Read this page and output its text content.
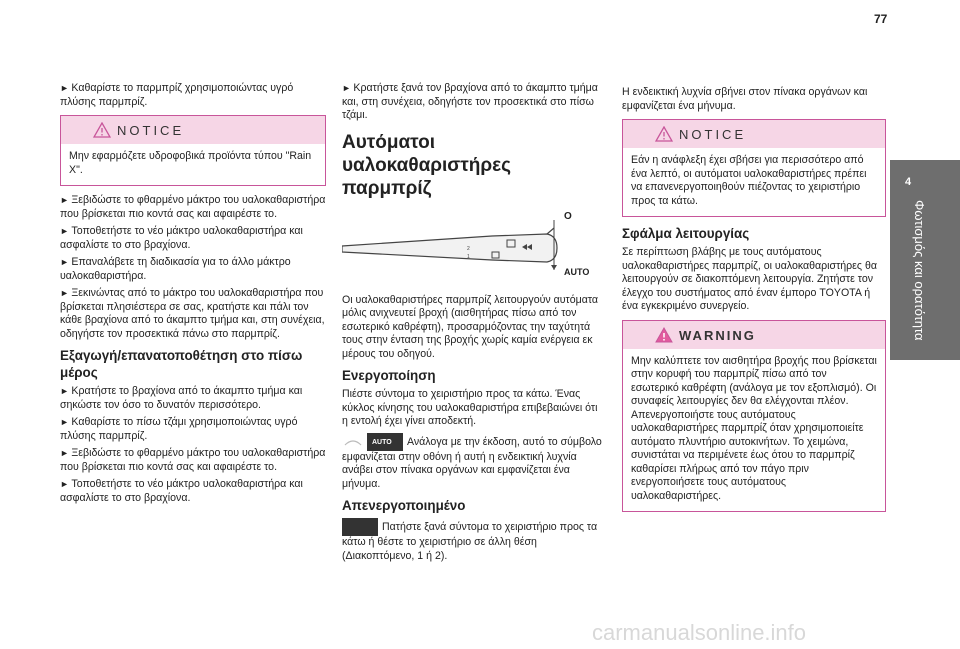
77
4
Φωτισμός και ορατότητα

► Καθαρίστε το παρμπρίζ χρησιμοποιώντας υγρό πλύσης παρμπρίζ.

NOTICE
Μην εφαρμόζετε υδροφοβικά προϊόντα τύπου "Rain X".

► Ξεβιδώστε το φθαρμένο μάκτρο του υαλοκαθαριστήρα που βρίσκεται πιο κοντά σας και αφαιρέστε το.

► Τοποθετήστε το νέο μάκτρο υαλοκαθαριστήρα και ασφαλίστε το στο βραχίονα.

► Επαναλάβετε τη διαδικασία για το άλλο μάκτρο υαλοκαθαριστήρα.

► Ξεκινώντας από το μάκτρο του υαλοκαθαριστήρα που βρίσκεται πλησιέστερα σε σας, κρατήστε και πάλι τον κάθε βραχίονα από το άκαμπτο τμήμα και, στη συνέχεια, οδηγήστε τον προσεκτικά πάνω στο παρμπρίζ.

Εξαγωγή/επανατοποθέτηση στο πίσω μέρος

► Κρατήστε το βραχίονα από το άκαμπτο τμήμα και σηκώστε τον όσο το δυνατόν περισσότερο.

► Καθαρίστε το πίσω τζάμι χρησιμοποιώντας υγρό πλύσης παρμπρίζ.

► Ξεβιδώστε το φθαρμένο μάκτρο του υαλοκαθαριστήρα που βρίσκεται πιο κοντά σας και αφαιρέστε το.

► Τοποθετήστε το νέο μάκτρο υαλοκαθαριστήρα και ασφαλίστε το στο βραχίονα.

► Κρατήστε ξανά τον βραχίονα από το άκαμπτο τμήμα και, στη συνέχεια, οδηγήστε τον προσεκτικά στο πίσω τζάμι.

Αυτόματοι υαλοκαθαριστήρες παρμπρίζ
2
1
O
AUTO

Οι υαλοκαθαριστήρες παρμπρίζ λειτουργούν αυτόματα μόλις ανιχνευτεί βροχή (αισθητήρας πίσω από τον εσωτερικό καθρέφτη), προσαρμόζοντας την ταχύτητά τους στην ένταση της βροχής χωρίς καμία ενέργεια εκ μέρους του οδηγού.

Ενεργοποίηση

Πιέστε σύντομα το χειριστήριο προς τα κάτω. Ένας κύκλος κίνησης του υαλοκαθαριστήρα επιβεβαιώνει ότι η εντολή έχει γίνει αποδεκτή.

AUTO Ανάλογα με την έκδοση, αυτό το σύμβολο εμφανίζεται στην οθόνη ή αυτή η ενδεικτική λυχνία ανάβει στον πίνακα οργάνων και εμφανίζεται ένα μήνυμα.

Απενεργοποιημένο

Πατήστε ξανά σύντομα το χειριστήριο προς τα κάτω ή θέστε το χειριστήριο σε άλλη θέση (Διακοπτόμενο, 1 ή 2).

Η ενδεικτική λυχνία σβήνει στον πίνακα οργάνων και εμφανίζεται ένα μήνυμα.

NOTICE
Εάν η ανάφλεξη έχει σβήσει για περισσότερο από ένα λεπτό, οι αυτόματοι υαλοκαθαριστήρες πρέπει να επανενεργοποιηθούν πιέζοντας το χειριστήριο προς τα κάτω.
Σφάλμα λειτουργίας

Σε περίπτωση βλάβης με τους αυτόματους υαλοκαθαριστήρες παρμπρίζ, οι υαλοκαθαριστήρες θα λειτουργούν σε διακοπτόμενη λειτουργία. Ζητήστε τον έλεγχο του συστήματος από έναν έμπορο TOYOTA ή ένα εγκεκριμένο συνεργείο.

WARNING
Μην καλύπτετε τον αισθητήρα βροχής που βρίσκεται στην κορυφή του παρμπρίζ πίσω από τον εσωτερικό καθρέφτη (ανάλογα με τον εξοπλισμό). Οι συναφείς λειτουργίες δεν θα ελέγχονται πλέον. Απενεργοποιήστε τους αυτόματους υαλοκαθαριστήρες παρμπρίζ όταν χρησιμοποιείτε αυτόματο πλυντήριο αυτοκινήτων. Το χειμώνα, συνιστάται να περιμένετε έως ότου το παρμπρίζ καθαρίσει πλήρως από τον πάγο πριν ενεργοποιήσετε τους αυτόματους υαλοκαθαριστήρες.
carmanualsonline.info
